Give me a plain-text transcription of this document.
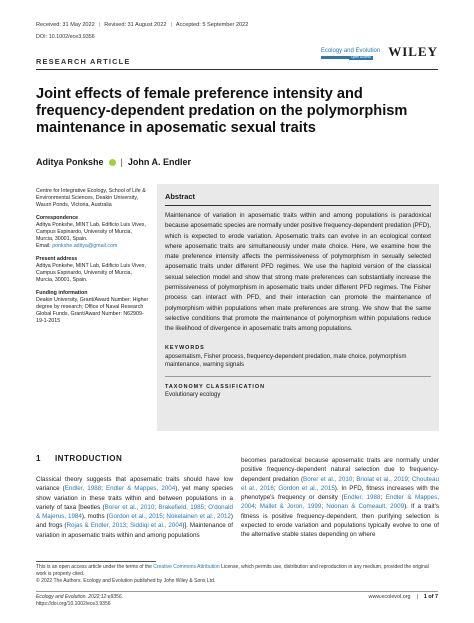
Received: 31 May 2022 | Revised: 31 August 2022 | Accepted: 5 September 2022
DOI: 10.1002/ece3.9356
Ecology and Evolution
Open Access WILEY
RESEARCH ARTICLE
Joint effects of female preference intensity and frequency-dependent predation on the polymorphism maintenance in aposematic sexual traits
Aditya Ponkshe | John A. Endler
Centre for Integrative Ecology, School of Life & Environmental Sciences, Deakin University, Waurn Ponds, Victoria, Australia
Correspondence
Aditya Ponkshe, MINT Lab, Edificio Luis Vives, Campus Espinardo, University of Murcia, Murcia, 30001, Spain.
Email: ponkshe.aditya@gmail.com
Present address
Aditya Ponkshe, MINT Lab, Edificio Luis Vives, Campus Espinardo, University of Murcia, Murcia, 30001, Spain.
Funding information
Deakin University, Grant/Award Number: Higher degree by research; Office of Naval Research Global Funds, Grant/Award Number: N62909-19-1-2015
Abstract

Maintenance of variation in aposematic traits within and among populations is paradoxical because aposematic species are normally under positive frequency-dependent predation (PFD), which is expected to erode variation. Aposematic traits can evolve in an ecological context where aposematic traits are simultaneously under mate choice. Here, we examine how the mate preference intensity affects the permissiveness of polymorphism in sexually selected aposematic traits under different PFD regimes. We use the haploid version of the classical sexual selection model and show that strong mate preferences can substantially increase the permissiveness of polymorphism in aposematic traits under different PFD regimes. The Fisher process can interact with PFD, and their interaction can promote the maintenance of polymorphism within populations when mate preferences are strong. We show that the same selective conditions that promote the maintenance of polymorphism within populations reduce the likelihood of divergence in aposematic traits among populations.

KEYWORDS
aposematism, Fisher process, frequency-dependent predation, mate choice, polymorphism maintenance, warning signals
TAXONOMY CLASSIFICATION
Evolutionary ecology
1 INTRODUCTION
Classical theory suggests that aposematic traits should have low variance (Endler, 1988; Endler & Mappes, 2004), yet many species show variation in these traits within and between populations in a variety of taxa [beetles (Borer et al., 2010; Brakefield, 1985; O'donald & Majerus, 1984), moths (Gordon et al., 2015; Nokelainen et al., 2012) and frogs (Rojas & Endler, 2013; Siddiqi et al., 2004)]. Maintenance of variation in aposematic traits within and among populations
becomes paradoxical because aposematic traits are normally under positive frequency-dependent natural selection due to frequency-dependent predation (Borer et al., 2010; Briolat et al., 2019; Chouteau et al., 2016; Gordon et al., 2015). In PFD, fitness increases with the phenotype's frequency or density (Endler, 1988; Endler & Mappes, 2004; Mallet & Joron, 1999; Noonan & Comeault, 2009). If a trait's fitness is positive frequency-dependent, then purifying selection is expected to erode variation and populations typically evolve to one of the alternative stable states depending on where
This is an open access article under the terms of the Creative Commons Attribution License, which permits use, distribution and reproduction in any medium, provided the original work is properly cited.
© 2022 The Authors. Ecology and Evolution published by John Wiley & Sons Ltd.
Ecology and Evolution. 2022;12:e9356.
https://doi.org/10.1002/ece3.9356
www.ecolevol.org | 1 of 7
